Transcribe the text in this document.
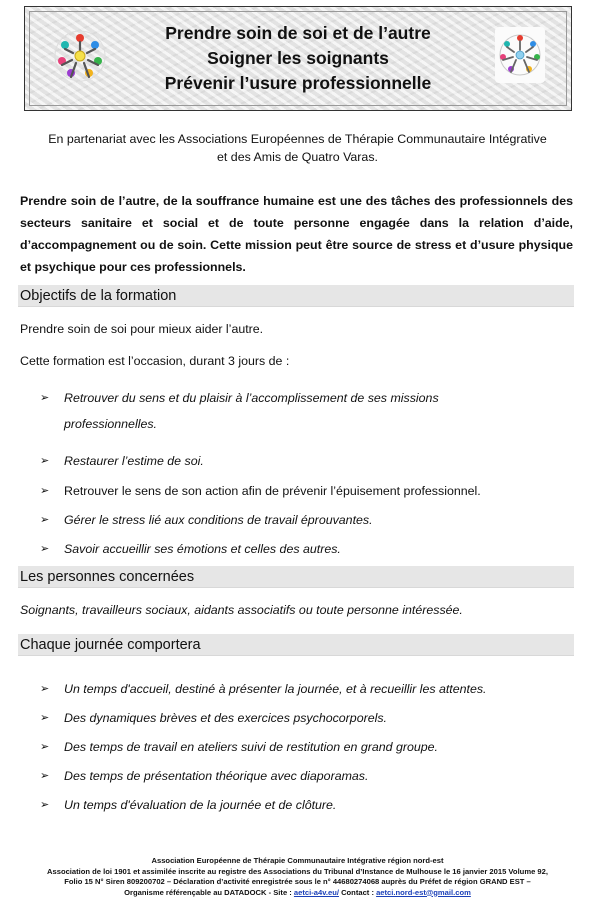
Prendre soin de soi et de l’autre
Soigner les soignants
Prévenir l’usure professionnelle
En partenariat avec les Associations Européennes de Thérapie Communautaire Intégrative
et des Amis de Quatro Varas.
Prendre soin de l’autre, de la souffrance humaine est une des tâches des professionnels des secteurs sanitaire et social et de toute personne engagée dans la relation d’aide, d’accompagnement ou de soin. Cette mission peut être source de stress et d’usure physique et psychique pour ces professionnels.
Objectifs de la formation
Prendre soin de soi pour mieux aider l’autre.
Cette formation est l’occasion, durant 3 jours de :
➢ Retrouver du sens et du plaisir à l’accomplissement de ses missions professionnelles.
➢ Restaurer l’estime de soi.
➢ Retrouver le sens de son action afin de prévenir l’épuisement professionnel.
➢ Gérer le stress lié aux conditions de travail éprouvantes.
➢ Savoir accueillir ses émotions et celles des autres.
Les personnes concernées
Soignants, travailleurs sociaux, aidants associatifs ou toute personne intéressée.
Chaque journée comportera
➢ Un temps d'accueil, destiné à présenter la journée, et à recueillir les attentes.
➢ Des dynamiques brèves et des exercices psychocorporels.
➢ Des temps de travail en ateliers suivi de restitution en grand groupe.
➢ Des temps de présentation théorique avec diaporamas.
➢ Un temps d'évaluation de la journée et de clôture.
Association Européenne de Thérapie Communautaire Intégrative région nord-est
Association de loi 1901 et assimilée inscrite au registre des Associations du Tribunal d’Instance de Mulhouse le 16 janvier 2015 Volume 92,
Folio 15 N° Siren 809200702 – Déclaration d’activité enregistrée sous le n° 44680274068 auprès du Préfet de région GRAND EST –
Organisme référençable au DATADOCK - Site : aetci-a4v.eu/ Contact : aetci.nord-est@gmail.com
